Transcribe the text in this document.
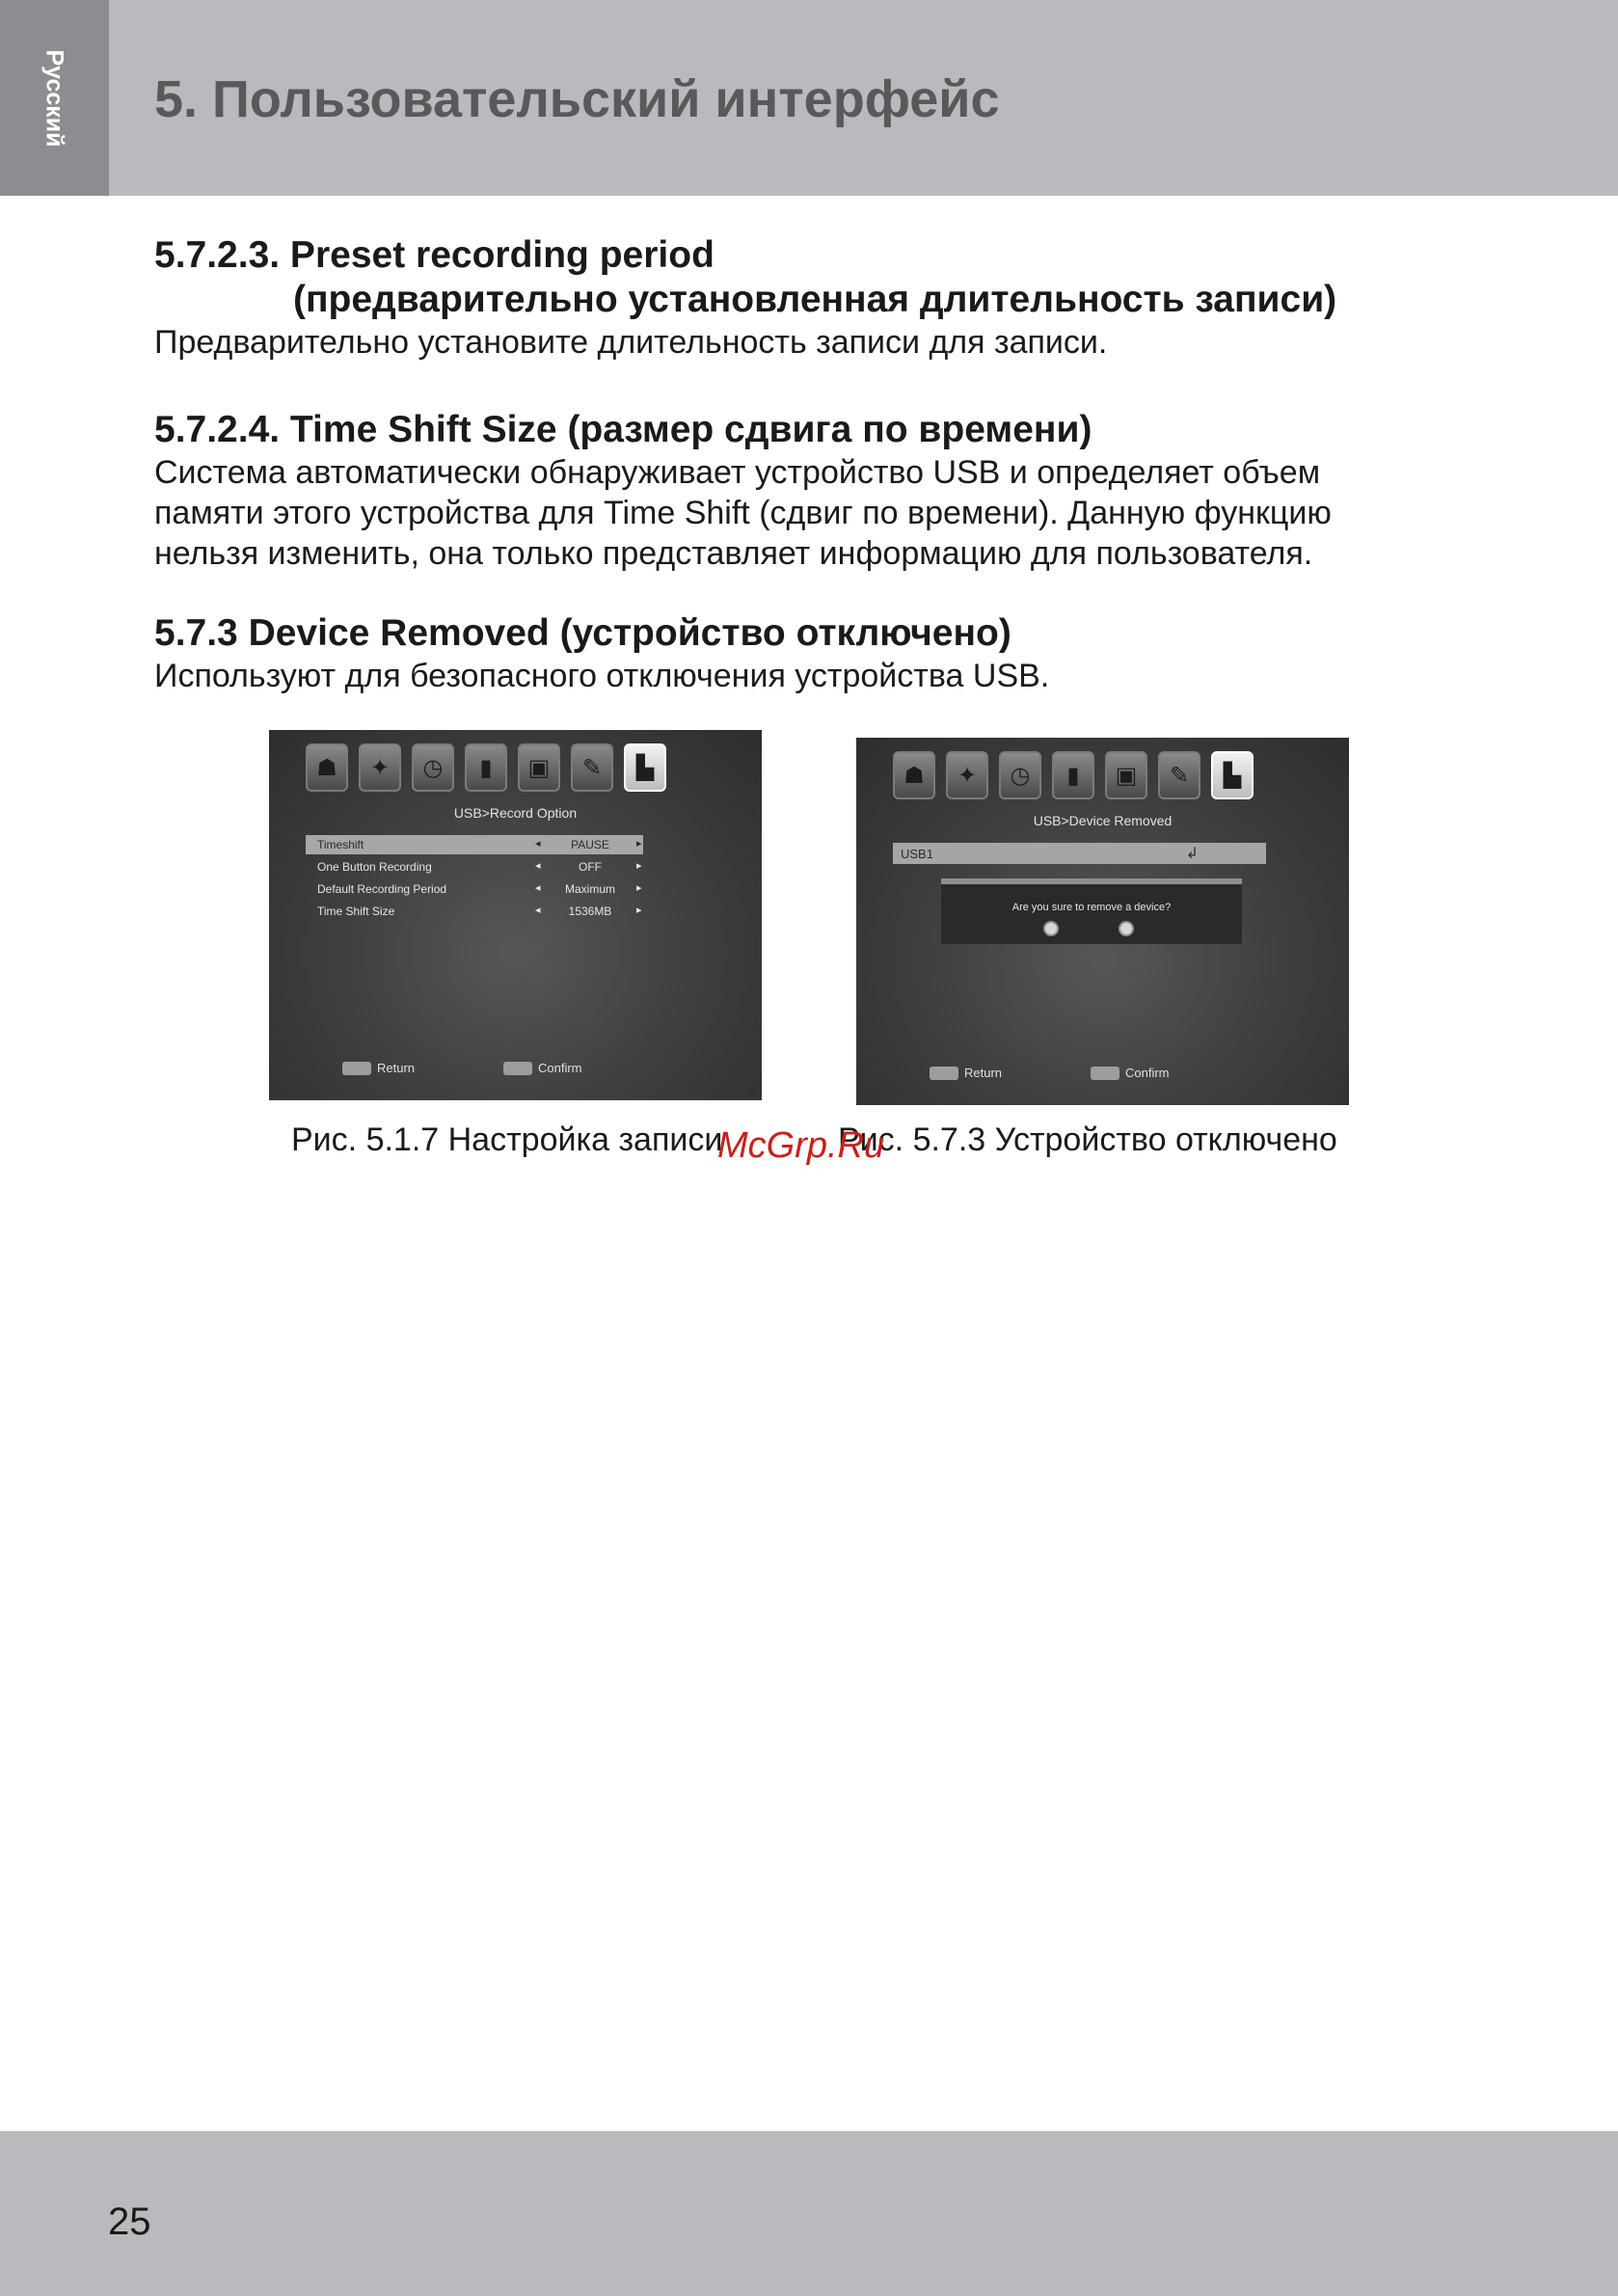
Русский 5. Пользовательский интерфейс
5.7.2.3. Preset recording period
(предварительно установленная длительность записи)

Предварительно установите длительность записи для записи.

5.7.2.4. Time Shift Size (размер сдвига по времени)

Система автоматически обнаруживает устройство USB и определяет объем

памяти этого устройства для Time Shift (сдвиг по времени). Данную функцию

нельзя изменить, она только представляет информацию для пользователя.

5.7.3 Device Removed (устройство отключено)

Используют для безопасного отключения устройства USB.

☗	✦	◷	▮	▣	✎	▙
USB>Record Option
Timeshift	◂	PAUSE	▸
One Button Recording	◂	OFF	▸
Default Recording Period	◂	Maximum	▸
Time Shift Size	◂	1536MB	▸
Return	Confirm
☗	✦	◷	▮	▣	✎	▙
USB>Device Removed
USB1	↲
Are you sure to remove a device?
Return	Confirm
Рис. 5.1.7 Настройка записи	Рис. 5.7.3 Устройство отключено
McGrp.Ru
25
